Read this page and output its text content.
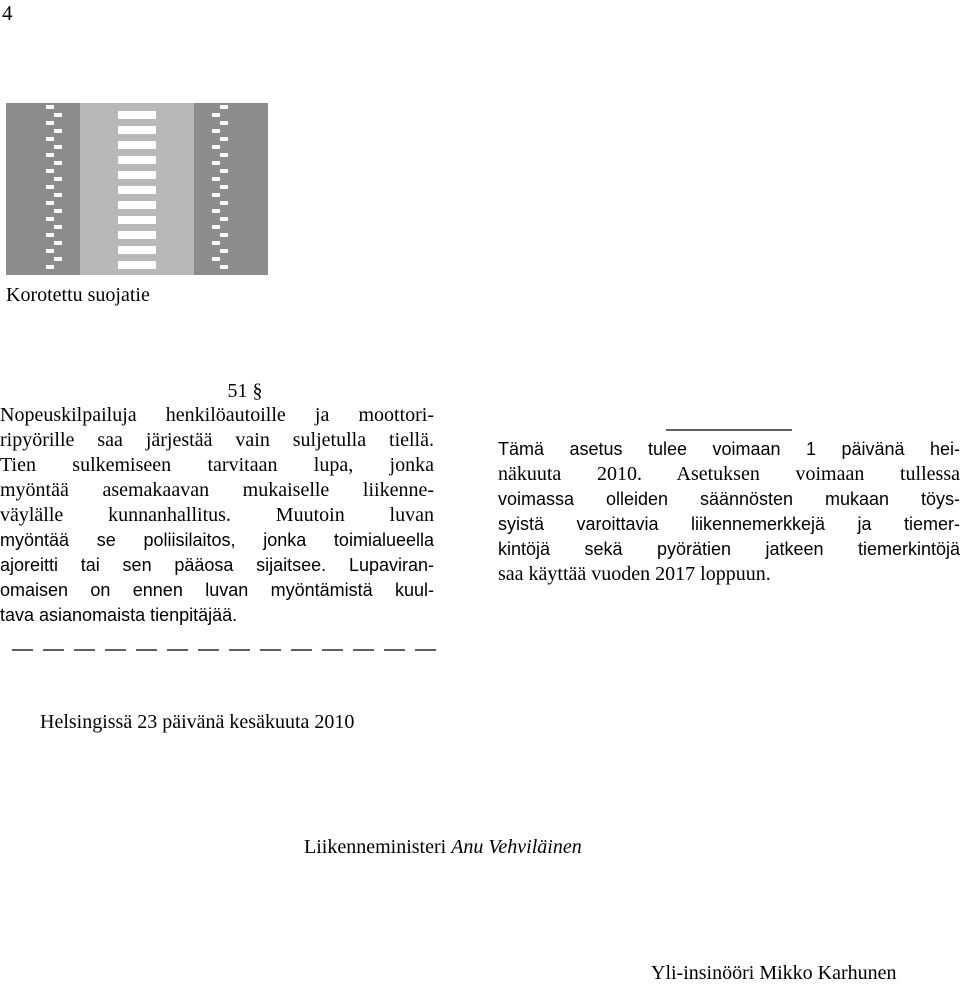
4
Korotettu suojatie
51 §
Nopeuskilpailuja henkilöautoille ja moottori-
ripyörille saa järjestää vain suljetulla tiellä.
Tien sulkemiseen tarvitaan lupa, jonka
myöntää asemakaavan mukaiselle liikenne-
väylälle kunnanhallitus. Muutoin luvan
myöntää se poliisilaitos, jonka toimialueella
ajoreitti tai sen pääosa sijaitsee. Lupaviran-
omaisen on ennen luvan myöntämistä kuul-
tava asianomaista tienpitäjää.
Tämä asetus tulee voimaan 1 päivänä hei-
näkuuta 2010. Asetuksen voimaan tullessa
voimassa olleiden säännösten mukaan töys-
syistä varoittavia liikennemerkkejä ja tiemer-
kintöjä sekä pyörätien jatkeen tiemerkintöjä
saa käyttää vuoden 2017 loppuun.
Helsingissä 23 päivänä kesäkuuta 2010
Liikenneministeri Anu Vehviläinen
Yli-insinööri Mikko Karhunen
